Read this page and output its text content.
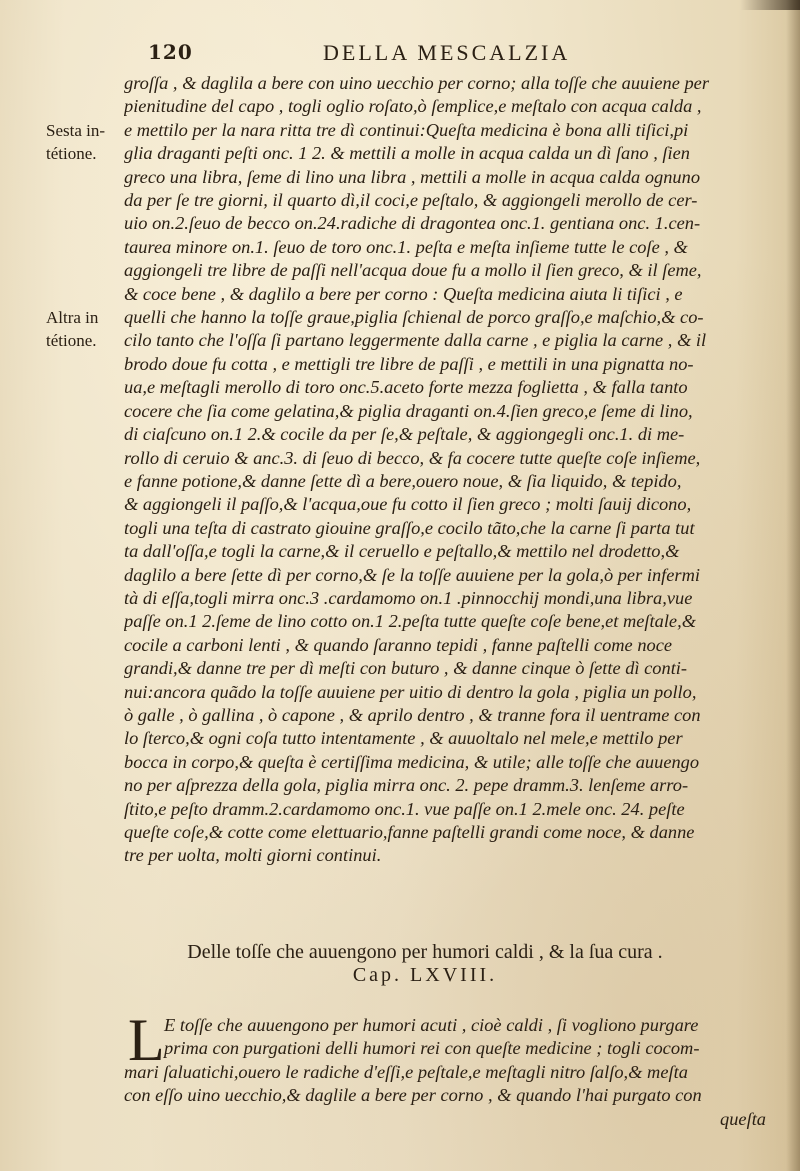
120	DELLA MESCALZIA
Sesta in-
tétione.
Altra in
tétione.
groſſa , & daglila a bere con uino uecchio per corno; alla toſſe che auuiene per
pienitudine del capo , togli oglio roſato,ò ſemplice,e meſtalo con acqua calda ,
e mettilo per la nara ritta tre dì continui:Queſta medicina è bona alli tiſici,pi
glia draganti peſti onc. 1 2. & mettili a molle in acqua calda un dì ſano , ſien
greco una libra, ſeme di lino una libra , mettili a molle in acqua calda ognuno
da per ſe tre giorni, il quarto dì,il coci,e peſtalo, & aggiongeli merollo de cer-
uio on.2.ſeuo de becco on.24.radiche di dragontea onc.1. gentiana onc. 1.cen-
taurea minore on.1. ſeuo de toro onc.1. peſta e meſta inſieme tutte le coſe , &
aggiongeli tre libre de paſſi nell'acqua doue fu a mollo il ſien greco, & il ſeme,
& coce bene , & daglilo a bere per corno : Queſta medicina aiuta li tiſici , e
quelli che hanno la toſſe graue,piglia ſchienal de porco graſſo,e maſchio,& co-
cilo tanto che l'oſſa ſi partano leggermente dalla carne , e piglia la carne , & il
brodo doue fu cotta , e mettigli tre libre de paſſi , e mettili in una pignatta no-
ua,e meſtagli merollo di toro onc.5.aceto forte mezza foglietta , & falla tanto
cocere che ſia come gelatina,& piglia draganti on.4.ſien greco,e ſeme di lino,
di ciaſcuno on.1 2.& cocile da per ſe,& peſtale, & aggiongegli onc.1. di me-
rollo di ceruio & anc.3. di ſeuo di becco, & fa cocere tutte queſte coſe inſieme,
e fanne potione,& danne ſette dì a bere,ouero noue, & ſia liquido, & tepido,
& aggiongeli il paſſo,& l'acqua,oue fu cotto il ſien greco ; molti ſauij dicono,
togli una teſta di castrato giouine graſſo,e cocilo tãto,che la carne ſi parta tut
ta dall'oſſa,e togli la carne,& il ceruello e peſtallo,& mettilo nel drodetto,&
daglilo a bere ſette dì per corno,& ſe la toſſe auuiene per la gola,ò per infermi
tà di eſſa,togli mirra onc.3 .cardamomo on.1 .pinnocchij mondi,una libra,vue
paſſe on.1 2.ſeme de lino cotto on.1 2.peſta tutte queſte coſe bene,et meſtale,&
cocile a carboni lenti , & quando ſaranno tepidi , fanne paſtelli come noce
grandi,& danne tre per dì meſti con buturo , & danne cinque ò ſette dì conti-
nui:ancora quãdo la toſſe auuiene per uitio di dentro la gola , piglia un pollo,
ò galle , ò gallina , ò capone , & aprilo dentro , & tranne fora il uentrame con
lo ſterco,& ogni coſa tutto intentamente , & auuoltalo nel mele,e mettilo per
bocca in corpo,& queſta è certiſſima medicina, & utile; alle toſſe che auuengo
no per aſprezza della gola, piglia mirra onc. 2. pepe dramm.3. lenſeme arro-
ſtito,e peſto dramm.2.cardamomo onc.1. vue paſſe on.1 2.mele onc. 24. peſte
queſte coſe,& cotte come elettuario,fanne paſtelli grandi come noce, & danne
tre per uolta, molti giorni continui.
Delle toſſe che auuengono per humori caldi , & la ſua cura .
Cap. LXVIII.
L E toſſe che auuengono per humori acuti , cioè caldi , ſi vogliono purgare
prima con purgationi delli humori rei con queſte medicine ; togli cocom-
mari ſaluatichi,ouero le radiche d'eſſi,e peſtale,e meſtagli nitro ſalſo,& meſta
con eſſo uino uecchio,& daglile a bere per corno , & quando l'hai purgato con
queſta
